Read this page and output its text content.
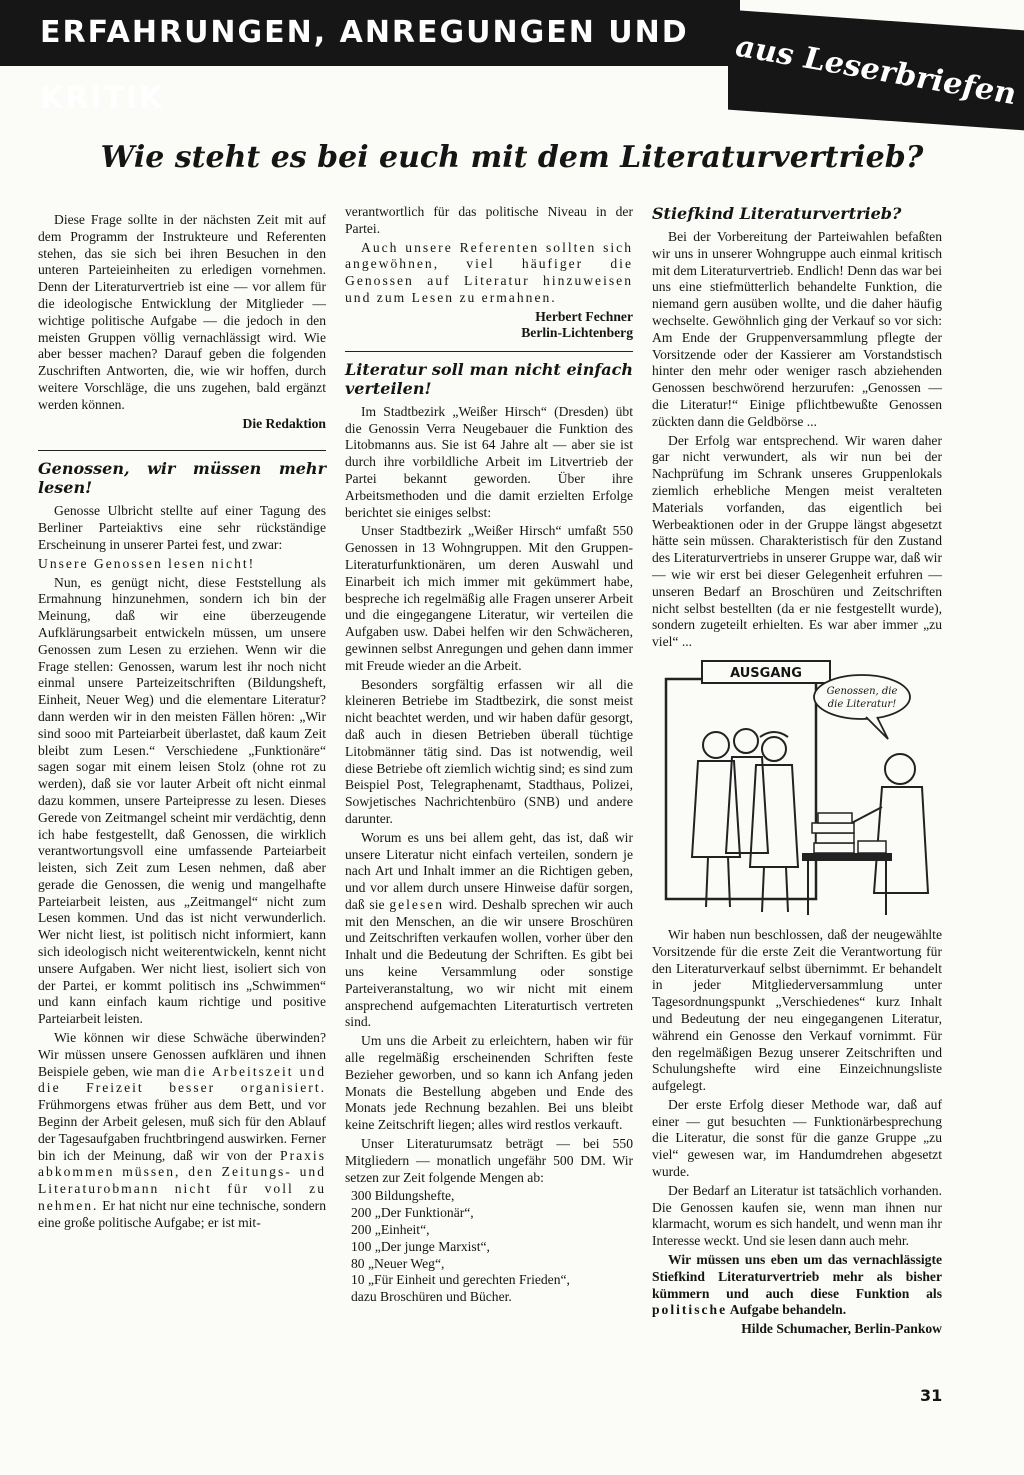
ERFAHRUNGEN, ANREGUNGEN UND KRITIK	aus Leserbriefen
Wie steht es bei euch mit dem Literaturvertrieb?

Diese Frage sollte in der nächsten Zeit mit auf dem Programm der Instrukteure und Referenten stehen, das sie sich bei ihren Besuchen in den unteren Parteieinheiten zu erledigen vornehmen. Denn der Literaturvertrieb ist eine — vor allem für die ideologische Entwicklung der Mitglieder — wichtige politische Aufgabe — die jedoch in den meisten Gruppen völlig vernachlässigt wird. Wie aber besser machen? Darauf geben die folgenden Zuschriften Antworten, die, wie wir hoffen, durch weitere Vorschläge, die uns zugehen, bald ergänzt werden können.

Die Redaktion
Genossen, wir müssen mehr lesen!

Genosse Ulbricht stellte auf einer Tagung des Berliner Parteiaktivs eine sehr rückständige Erscheinung in unserer Partei fest, und zwar:

Unsere Genossen lesen nicht!

Nun, es genügt nicht, diese Feststellung als Ermahnung hinzunehmen, sondern ich bin der Meinung, daß wir eine überzeugende Aufklärungsarbeit entwickeln müssen, um unsere Genossen zum Lesen zu erziehen. Wenn wir die Frage stellen: Genossen, warum lest ihr noch nicht einmal unsere Parteizeitschriften (Bildungsheft, Einheit, Neuer Weg) und die elementare Literatur? dann werden wir in den meisten Fällen hören: „Wir sind sooo mit Parteiarbeit überlastet, daß kaum Zeit bleibt zum Lesen.“ Verschiedene „Funktionäre“ sagen sogar mit einem leisen Stolz (ohne rot zu werden), daß sie vor lauter Arbeit oft nicht einmal dazu kommen, unsere Parteipresse zu lesen. Dieses Gerede von Zeitmangel scheint mir verdächtig, denn ich habe festgestellt, daß Genossen, die wirklich verantwortungsvoll eine umfassende Parteiarbeit leisten, sich Zeit zum Lesen nehmen, daß aber gerade die Genossen, die wenig und mangelhafte Parteiarbeit leisten, aus „Zeitmangel“ nicht zum Lesen kommen. Und das ist nicht verwunderlich. Wer nicht liest, ist politisch nicht informiert, kann sich ideologisch nicht weiterentwickeln, kennt nicht unsere Aufgaben. Wer nicht liest, isoliert sich von der Partei, er kommt politisch ins „Schwimmen“ und kann einfach kaum richtige und positive Parteiarbeit leisten.

Wie können wir diese Schwäche überwinden? Wir müssen unsere Genossen aufklären und ihnen Beispiele geben, wie man die Arbeitszeit und die Freizeit besser organisiert. Frühmorgens etwas früher aus dem Bett, und vor Beginn der Arbeit gelesen, muß sich für den Ablauf der Tagesaufgaben fruchtbringend auswirken. Ferner bin ich der Meinung, daß wir von der Praxis abkommen müssen, den Zeitungs- und Literaturobmann nicht für voll zu nehmen. Er hat nicht nur eine technische, sondern eine große politische Aufgabe; er ist mit-

verantwortlich für das politische Niveau in der Partei.

Auch unsere Referenten sollten sich angewöhnen, viel häufiger die Genossen auf Literatur hinzuweisen und zum Lesen zu ermahnen.

Herbert Fechner
Berlin-Lichtenberg
Literatur soll man nicht einfach verteilen!

Im Stadtbezirk „Weißer Hirsch“ (Dresden) übt die Genossin Verra Neugebauer die Funktion des Litobmanns aus. Sie ist 64 Jahre alt — aber sie ist durch ihre vorbildliche Arbeit im Litvertrieb der Partei bekannt geworden. Über ihre Arbeitsmethoden und die damit erzielten Erfolge berichtet sie einiges selbst:

Unser Stadtbezirk „Weißer Hirsch“ umfaßt 550 Genossen in 13 Wohngruppen. Mit den Gruppen-Literaturfunktionären, um deren Auswahl und Einarbeit ich mich immer mit gekümmert habe, bespreche ich regelmäßig alle Fragen unserer Arbeit und die eingegangene Literatur, wir verteilen die Aufgaben usw. Dabei helfen wir den Schwächeren, gewinnen selbst Anregungen und gehen dann immer mit Freude wieder an die Arbeit.

Besonders sorgfältig erfassen wir all die kleineren Betriebe im Stadtbezirk, die sonst meist nicht beachtet werden, und wir haben dafür gesorgt, daß auch in diesen Betrieben überall tüchtige Litobmänner tätig sind. Das ist notwendig, weil diese Betriebe oft ziemlich wichtig sind; es sind zum Beispiel Post, Telegraphenamt, Stadthaus, Polizei, Sowjetisches Nachrichtenbüro (SNB) und andere darunter.

Worum es uns bei allem geht, das ist, daß wir unsere Literatur nicht einfach verteilen, sondern je nach Art und Inhalt immer an die Richtigen geben, und vor allem durch unsere Hinweise dafür sorgen, daß sie gelesen wird. Deshalb sprechen wir auch mit den Menschen, an die wir unsere Broschüren und Zeitschriften verkaufen wollen, vorher über den Inhalt und die Bedeutung der Schriften. Es gibt bei uns keine Versammlung oder sonstige Parteiveranstaltung, wo wir nicht mit einem ansprechend aufgemachten Literaturtisch vertreten sind.

Um uns die Arbeit zu erleichtern, haben wir für alle regelmäßig erscheinenden Schriften feste Bezieher geworben, und so kann ich Anfang jeden Monats die Bestellung abgeben und Ende des Monats jede Rechnung bezahlen. Bei uns bleibt keine Zeitschrift liegen; alles wird restlos verkauft.

Unser Literaturumsatz beträgt — bei 550 Mitgliedern — monatlich ungefähr 500 DM. Wir setzen zur Zeit folgende Mengen ab:

300 Bildungshefte,
200 „Der Funktionär“,
200 „Einheit“,
100 „Der junge Marxist“,
80 „Neuer Weg“,
10 „Für Einheit und gerechten Frieden“,
dazu Broschüren und Bücher.
Stiefkind Literaturvertrieb?

Bei der Vorbereitung der Parteiwahlen befaßten wir uns in unserer Wohngruppe auch einmal kritisch mit dem Literaturvertrieb. Endlich! Denn das war bei uns eine stiefmütterlich behandelte Funktion, die niemand gern ausüben wollte, und die daher häufig wechselte. Gewöhnlich ging der Verkauf so vor sich: Am Ende der Gruppenversammlung pflegte der Vorsitzende oder der Kassierer am Vorstandstisch hinter den mehr oder weniger rasch abziehenden Genossen beschwörend herzurufen: „Genossen — die Literatur!“ Einige pflichtbewußte Genossen zückten dann die Geldbörse ...

Der Erfolg war entsprechend. Wir waren daher gar nicht verwundert, als wir nun bei der Nachprüfung im Schrank unseres Gruppenlokals ziemlich erhebliche Mengen meist veralteten Materials vorfanden, das eigentlich bei Werbeaktionen oder in der Gruppe längst abgesetzt hätte sein müssen. Charakteristisch für den Zustand des Literaturvertriebs in unserer Gruppe war, daß wir — wie wir erst bei dieser Gelegenheit erfuhren — unseren Bedarf an Broschüren und Zeitschriften nicht selbst bestellten (da er nie festgestellt wurde), sondern zugeteilt erhielten. Es war aber immer „zu viel“ ...

AUSGANG
Genossen, die
die Literatur!

Wir haben nun beschlossen, daß der neugewählte Vorsitzende für die erste Zeit die Verantwortung für den Literaturverkauf selbst übernimmt. Er behandelt in jeder Mitgliederversammlung unter Tagesordnungspunkt „Verschiedenes“ kurz Inhalt und Bedeutung der neu eingegangenen Literatur, während ein Genosse den Verkauf vornimmt. Für den regelmäßigen Bezug unserer Zeitschriften und Schulungshefte wird eine Einzeichnungsliste aufgelegt.

Der erste Erfolg dieser Methode war, daß auf einer — gut besuchten — Funktionärbesprechung die Literatur, die sonst für die ganze Gruppe „zu viel“ gewesen war, im Handumdrehen abgesetzt wurde.

Der Bedarf an Literatur ist tatsächlich vorhanden. Die Genossen kaufen sie, wenn man ihnen nur klarmacht, worum es sich handelt, und wenn man ihr Interesse weckt. Und sie lesen dann auch mehr.

Wir müssen uns eben um das vernachlässigte Stiefkind Literaturvertrieb mehr als bisher kümmern und auch diese Funktion als politische Aufgabe behandeln.

Hilde Schumacher, Berlin-Pankow
31
